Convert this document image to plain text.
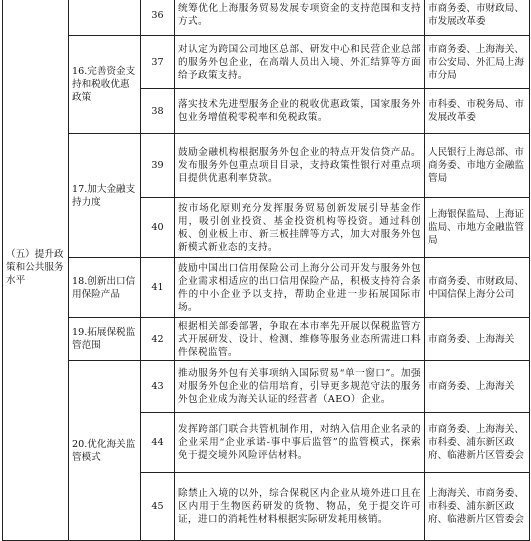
（五）提升政策和公共服务水平		36	统筹优化上海服务贸易发展专项资金的支持范围和支持方式。	市商务委、市财政局、市发展改革委
	16.完善资金支持和税收优惠政策	37	对认定为跨国公司地区总部、研发中心和民营企业总部的服务外包企业，在高端人员出入境、外汇结算等方面给予政策支持。	市商务委、上海海关、市公安局、外汇局上海市分局
		38	落实技术先进型服务企业的税收优惠政策，国家服务外包业务增值税零税率和免税政策。	市科委、市税务局、市发展改革委
	17.加大金融支持力度	39	鼓励金融机构根据服务外包企业的特点开发信贷产品。发布服务外包重点项目目录，支持政策性银行对重点项目提供优惠利率贷款。	人民银行上海总部、市商务委、市地方金融监管局
		40	按市场化原则充分发挥服务贸易创新发展引导基金作用，吸引创业投资、基金投资机构等投资。通过科创板、创业板上市、新三板挂牌等方式，加大对服务外包新模式新业态的支持。	上海银保监局、上海证监局、市地方金融监管局
	18.创新出口信用保险产品	41	鼓励中国出口信用保险公司上海分公司开发与服务外包企业需求相适应的出口信用保险产品，积极支持符合条件的中小企业予以支持，帮助企业进一步拓展国际市场。	市商务委、市财政局、中国信保上海分公司
	19.拓展保税监管范围	42	根据相关部委部署，争取在本市率先开展以保税监管方式开展研发、设计、检测、维修等服务业态所需进口料件保税监管。	市商务委、上海海关
	20.优化海关监管模式	43	推动服务外包有关事项纳入国际贸易“单一窗口”。加强对服务外包企业的信用培育，引导更多规范守法的服务外包企业成为海关认证的经营者（AEO）企业。	市商务委、上海海关
		44	发挥跨部门联合共管机制作用，对纳入信用企业名录的企业采用“企业承诺-事中事后监管”的监管模式，探索免于提交境外风险评估材料。	市商务委、上海海关、市科委、浦东新区政府、临港新片区管委会
		45	除禁止入境的以外，综合保税区内企业从境外进口且在区内用于生物医药研发的货物、物品，免于提交许可证，进口的消耗性材料根据实际研发耗用核销。	上海海关、市商务委、市科委、浦东新区政府、临港新片区管委会
